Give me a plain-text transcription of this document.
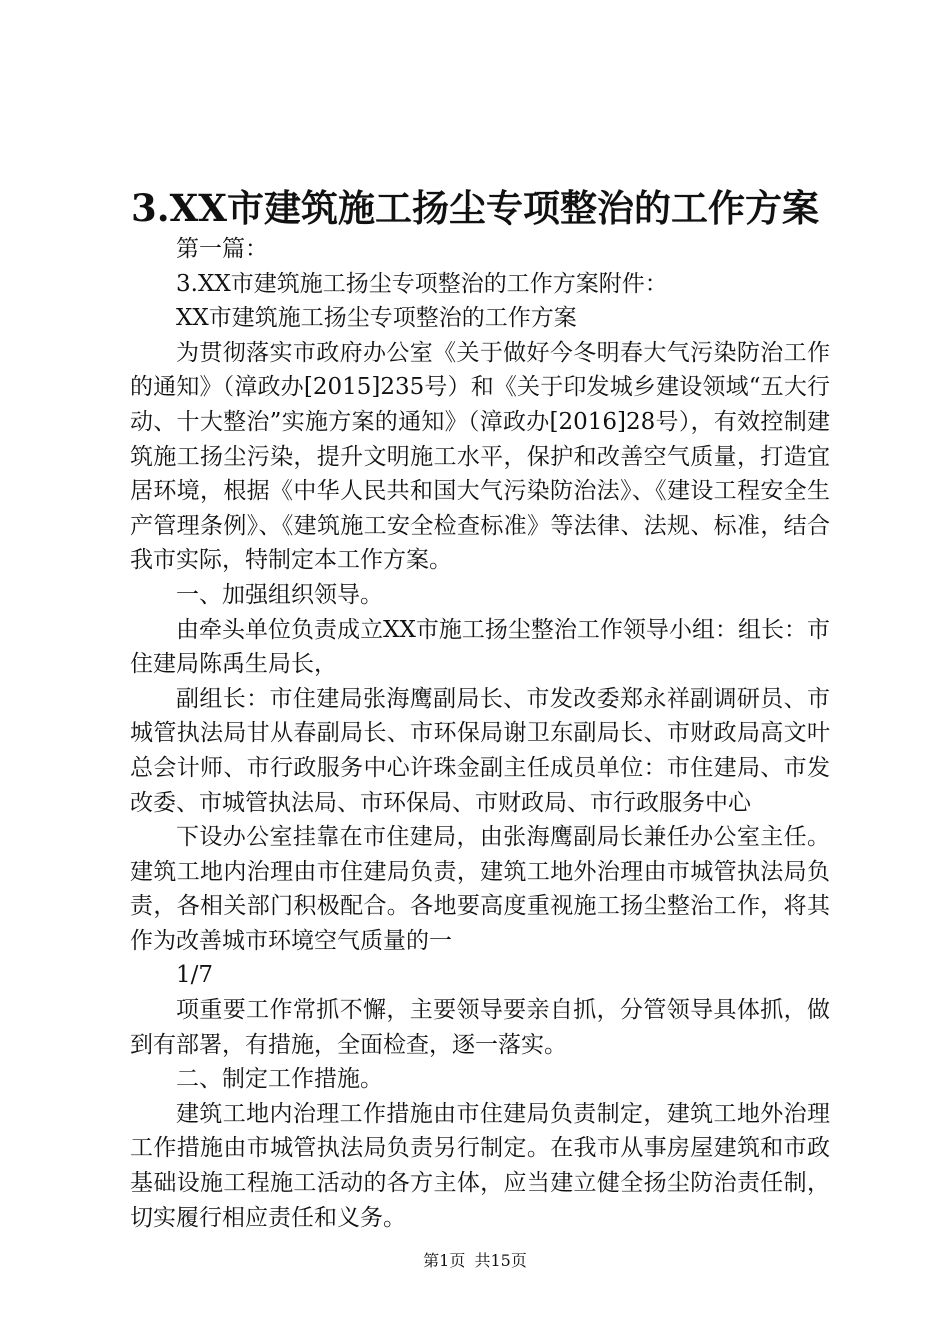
3.XX市建筑施工扬尘专项整治的工作方案

第一篇：

3.XX市建筑施工扬尘专项整治的工作方案附件：

XX市建筑施工扬尘专项整治的工作方案

为贯彻落实市政府办公室《关于做好今冬明春大气污染防治工作的通知》（漳政办[2015]235号）和《关于印发城乡建设领域“五大行动、十大整治”实施方案的通知》（漳政办[2016]28号），有效控制建筑施工扬尘污染，提升文明施工水平，保护和改善空气质量，打造宜居环境，根据《中华人民共和国大气污染防治法》、《建设工程安全生产管理条例》、《建筑施工安全检查标准》等法律、法规、标准，结合我市实际，特制定本工作方案。

一、加强组织领导。

由牵头单位负责成立XX市施工扬尘整治工作领导小组：组长：市住建局陈禹生局长，

副组长：市住建局张海鹰副局长、市发改委郑永祥副调研员、市城管执法局甘从春副局长、市环保局谢卫东副局长、市财政局高文叶总会计师、市行政服务中心许珠金副主任成员单位：市住建局、市发改委、市城管执法局、市环保局、市财政局、市行政服务中心

下设办公室挂靠在市住建局，由张海鹰副局长兼任办公室主任。建筑工地内治理由市住建局负责，建筑工地外治理由市城管执法局负责，各相关部门积极配合。各地要高度重视施工扬尘整治工作，将其作为改善城市环境空气质量的一

1/7

项重要工作常抓不懈，主要领导要亲自抓，分管领导具体抓，做到有部署，有措施，全面检查，逐一落实。

二、制定工作措施。

建筑工地内治理工作措施由市住建局负责制定，建筑工地外治理工作措施由市城管执法局负责另行制定。在我市从事房屋建筑和市政基础设施工程施工活动的各方主体，应当建立健全扬尘防治责任制，切实履行相应责任和义务。

第1页 共15页
